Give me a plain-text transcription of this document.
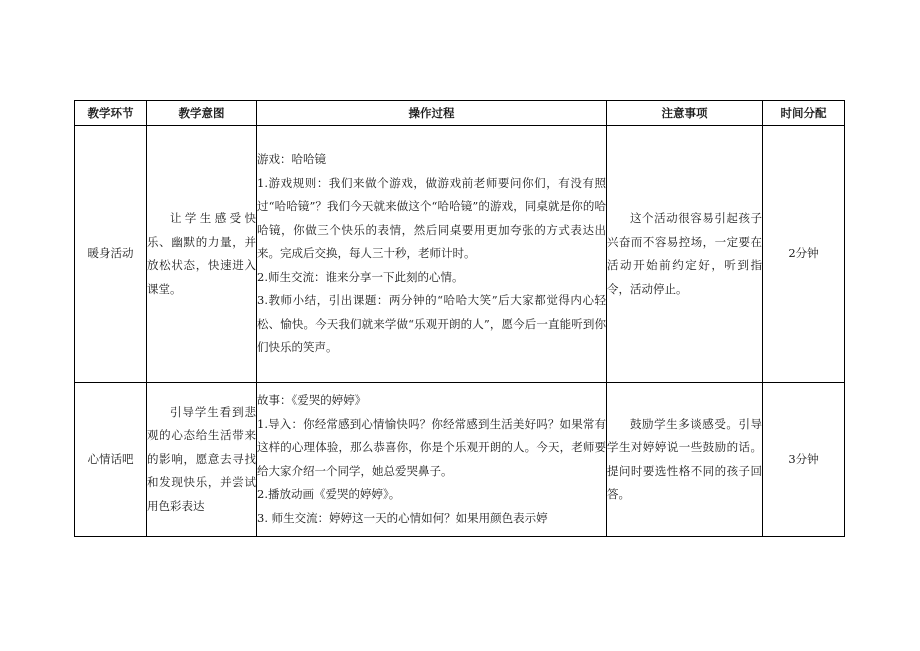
教学环节	教学意图	操作过程	注意事项	时间分配
暖身活动	让学生感受快乐、幽默的力量，并放松状态，快速进入课堂。	游戏：哈哈镜

1.游戏规则：我们来做个游戏，做游戏前老师要问你们，有没有照过“哈哈镜”？我们今天就来做这个“哈哈镜”的游戏，同桌就是你的哈哈镜，你做三个快乐的表情，然后同桌要用更加夸张的方式表达出来。完成后交换，每人三十秒，老师计时。

2.师生交流：谁来分享一下此刻的心情。

3.教师小结，引出课题：两分钟的“哈哈大笑”后大家都觉得内心轻松、愉快。今天我们就来学做“乐观开朗的人”，愿今后一直能听到你们快乐的笑声。	这个活动很容易引起孩子兴奋而不容易控场，一定要在活动开始前约定好，听到指令，活动停止。	2分钟
心情话吧	引导学生看到悲观的心态给生活带来的影响，愿意去寻找和发现快乐，并尝试用色彩表达	故事：《爱哭的婷婷》

1.导入：你经常感到心情愉快吗？你经常感到生活美好吗？如果常有这样的心理体验，那么恭喜你，你是个乐观开朗的人。今天，老师要给大家介绍一个同学，她总爱哭鼻子。

2.播放动画《爱哭的婷婷》。

3. 师生交流：婷婷这一天的心情如何？如果用颜色表示婷	鼓励学生多谈感受。引导学生对婷婷说一些鼓励的话。提问时要选性格不同的孩子回答。	3分钟
